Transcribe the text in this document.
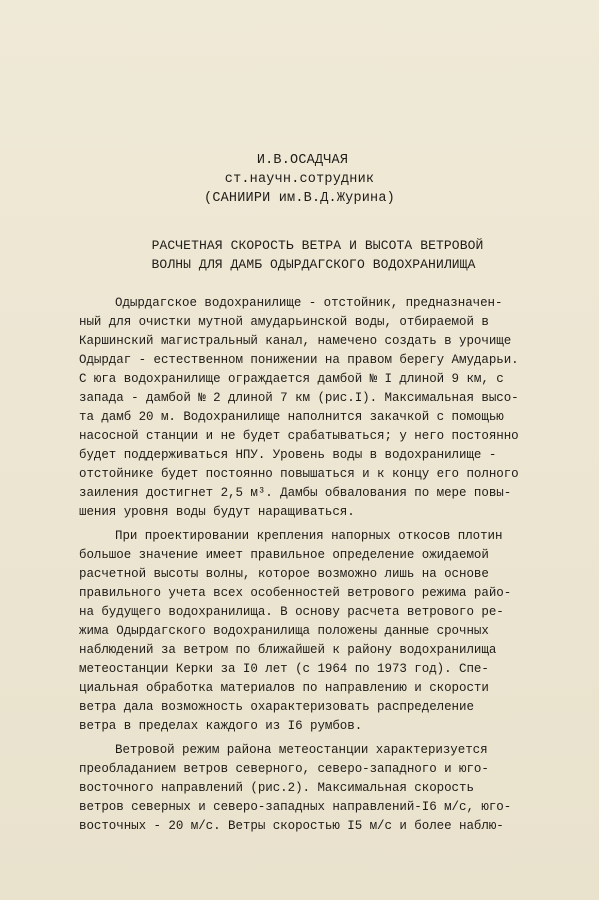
И.В.ОСАДЧАЯ
ст.научн.сотрудник
(САНИИРИ им.В.Д.Журина)
РАСЧЕТНАЯ СКОРОСТЬ ВЕТРА И ВЫСОТА ВЕТРОВОЙ
ВОЛНЫ ДЛЯ ДАМБ ОДЫРДАГСКОГО ВОДОХРАНИЛИЩА
Одырдагское водохранилище - отстойник, предназначен-
ный для очистки мутной амударьинской воды, отбираемой в
Каршинский магистральный канал, намечено создать в урочище
Одырдаг - естественном понижении на правом берегу Амударьи.
С юга водохранилище ограждается дамбой № I длиной 9 км, с
запада - дамбой № 2 длиной 7 км (рис.I). Максимальная высо-
та дамб 20 м. Водохранилище наполнится закачкой с помощью
насосной станции и не будет срабатываться; у него постоянно
будет поддерживаться НПУ. Уровень воды в водохранилище -
отстойнике будет постоянно повышаться и к концу его полного
заиления достигнет 2,5 м³. Дамбы обвалования по мере повы-
шения уровня воды будут наращиваться.
При проектировании крепления напорных откосов плотин
большое значение имеет правильное определение ожидаемой
расчетной высоты волны, которое возможно лишь на основе
правильного учета всех особенностей ветрового режима райо-
на будущего водохранилища. В основу расчета ветрового ре-
жима Одырдагского водохранилища положены данные срочных
наблюдений за ветром по ближайшей к району водохранилища
метеостанции Керки за I0 лет (с 1964 по 1973 год). Спе-
циальная обработка материалов по направлению и скорости
ветра дала возможность охарактеризовать распределение
ветра в пределах каждого из I6 румбов.
Ветровой режим района метеостанции характеризуется
преобладанием ветров северного, северо-западного и юго-
восточного направлений (рис.2). Максимальная скорость
ветров северных и северо-западных направлений-I6 м/с, юго-
восточных - 20 м/с. Ветры скоростью I5 м/с и более наблю-
